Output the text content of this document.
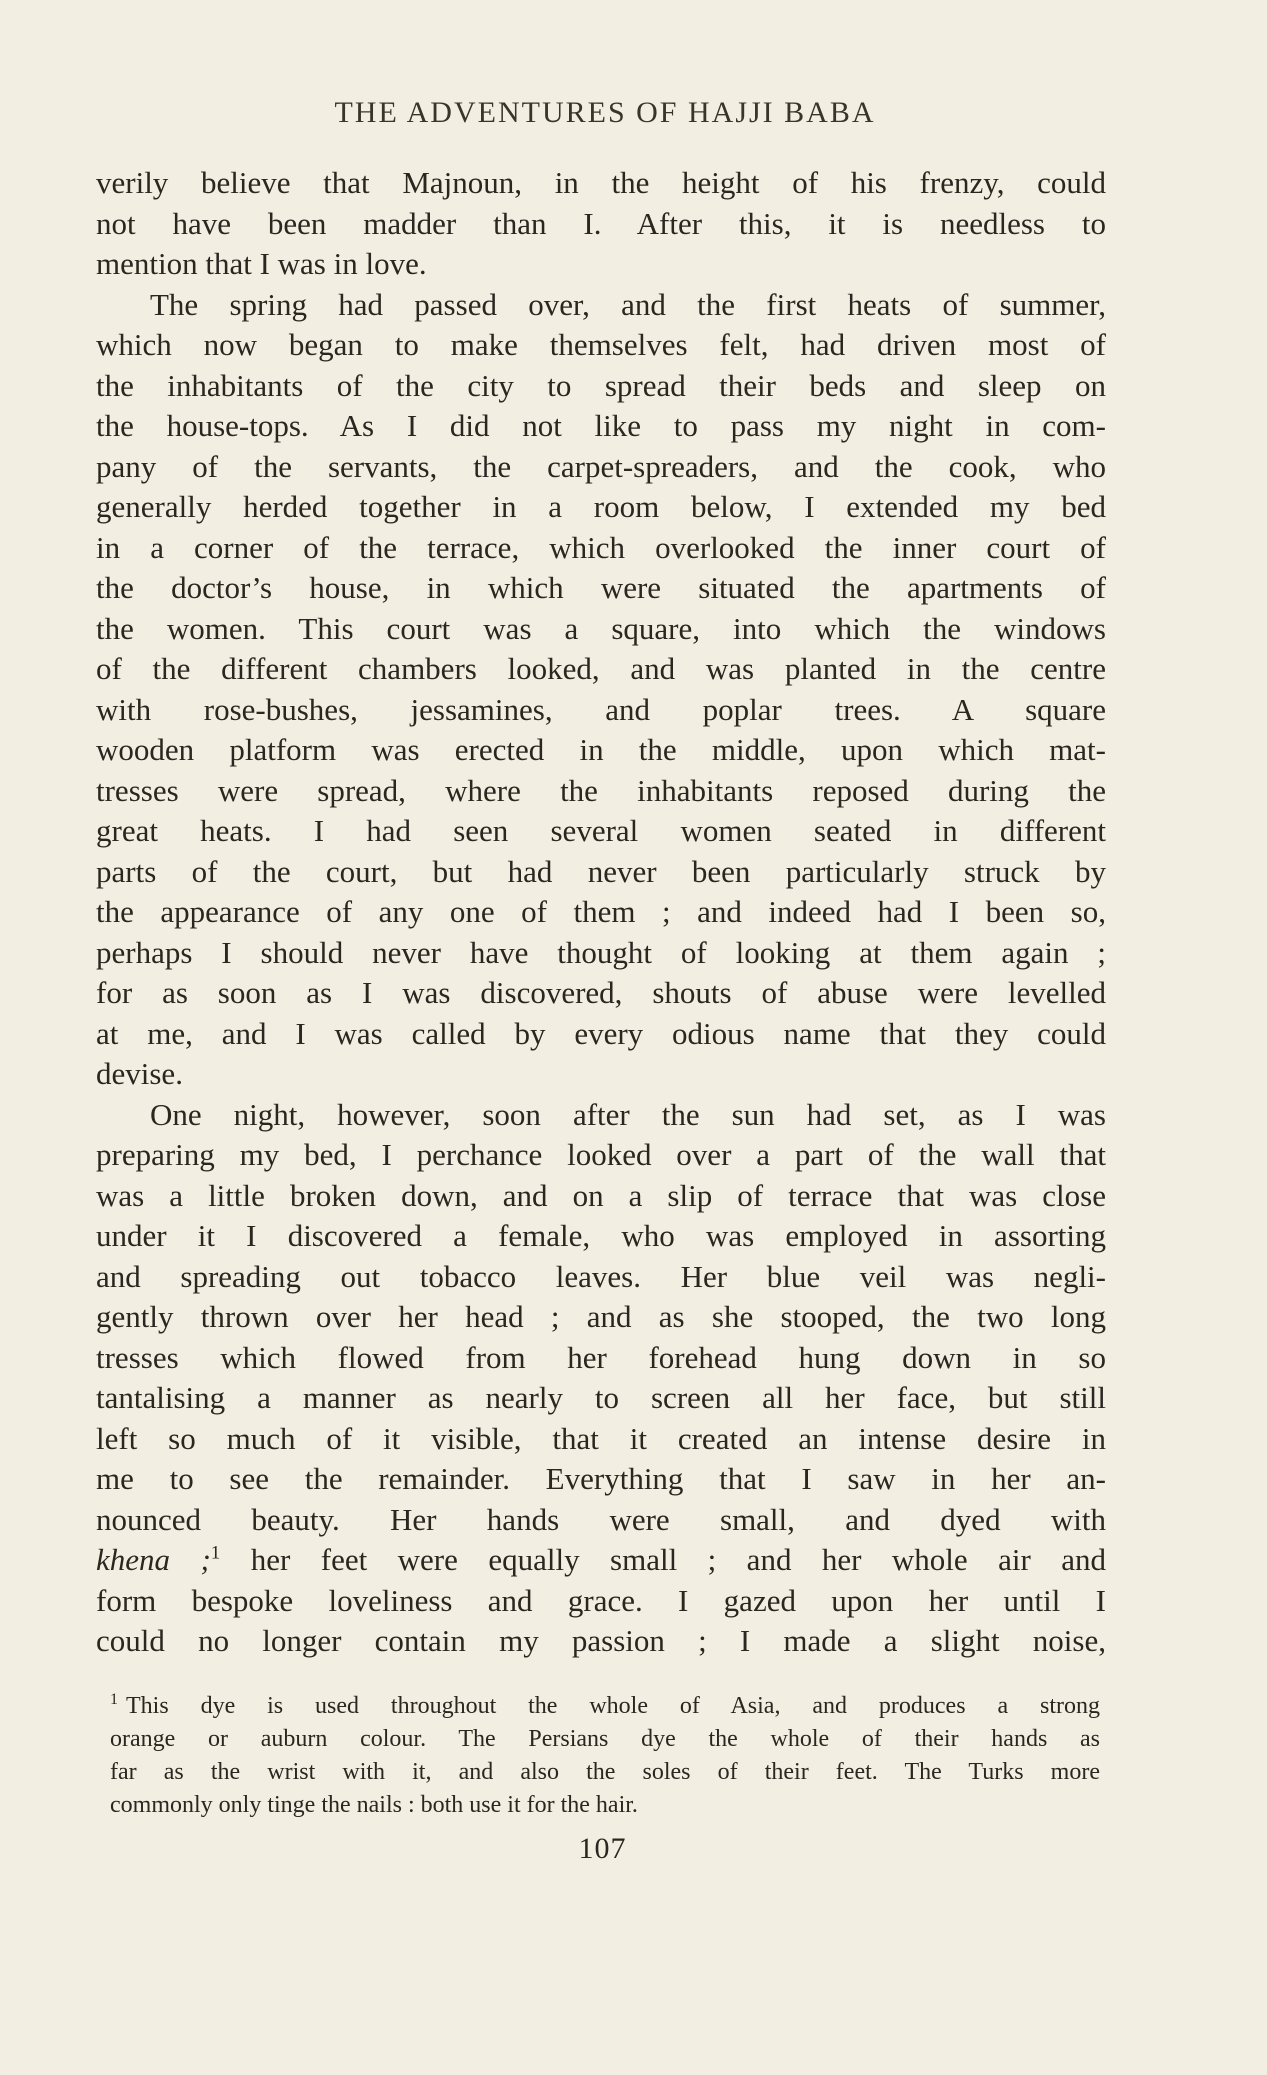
THE ADVENTURES OF HAJJI BABA

verily believe that Majnoun, in the height of his frenzy, could

not have been madder than I. After this, it is needless to

mention that I was in love.

The spring had passed over, and the first heats of summer,

which now began to make themselves felt, had driven most of

the inhabitants of the city to spread their beds and sleep on

the house-tops. As I did not like to pass my night in com-

pany of the servants, the carpet-spreaders, and the cook, who

generally herded together in a room below, I extended my bed

in a corner of the terrace, which overlooked the inner court of

the doctor’s house, in which were situated the apartments of

the women. This court was a square, into which the windows

of the different chambers looked, and was planted in the centre

with rose-bushes, jessamines, and poplar trees. A square

wooden platform was erected in the middle, upon which mat-

tresses were spread, where the inhabitants reposed during the

great heats. I had seen several women seated in different

parts of the court, but had never been particularly struck by

the appearance of any one of them ; and indeed had I been so,

perhaps I should never have thought of looking at them again ;

for as soon as I was discovered, shouts of abuse were levelled

at me, and I was called by every odious name that they could

devise.

One night, however, soon after the sun had set, as I was

preparing my bed, I perchance looked over a part of the wall that

was a little broken down, and on a slip of terrace that was close

under it I discovered a female, who was employed in assorting

and spreading out tobacco leaves. Her blue veil was negli-

gently thrown over her head ; and as she stooped, the two long

tresses which flowed from her forehead hung down in so

tantalising a manner as nearly to screen all her face, but still

left so much of it visible, that it created an intense desire in

me to see the remainder. Everything that I saw in her an-

nounced beauty. Her hands were small, and dyed with

khena ;$^1$ her feet were equally small ; and her whole air and

form bespoke loveliness and grace. I gazed upon her until I

could no longer contain my passion ; I made a slight noise,

$^1$ This dye is used throughout the whole of Asia, and produces a strong

orange or auburn colour. The Persians dye the whole of their hands as

far as the wrist with it, and also the soles of their feet. The Turks more

commonly only tinge the nails : both use it for the hair.

107
